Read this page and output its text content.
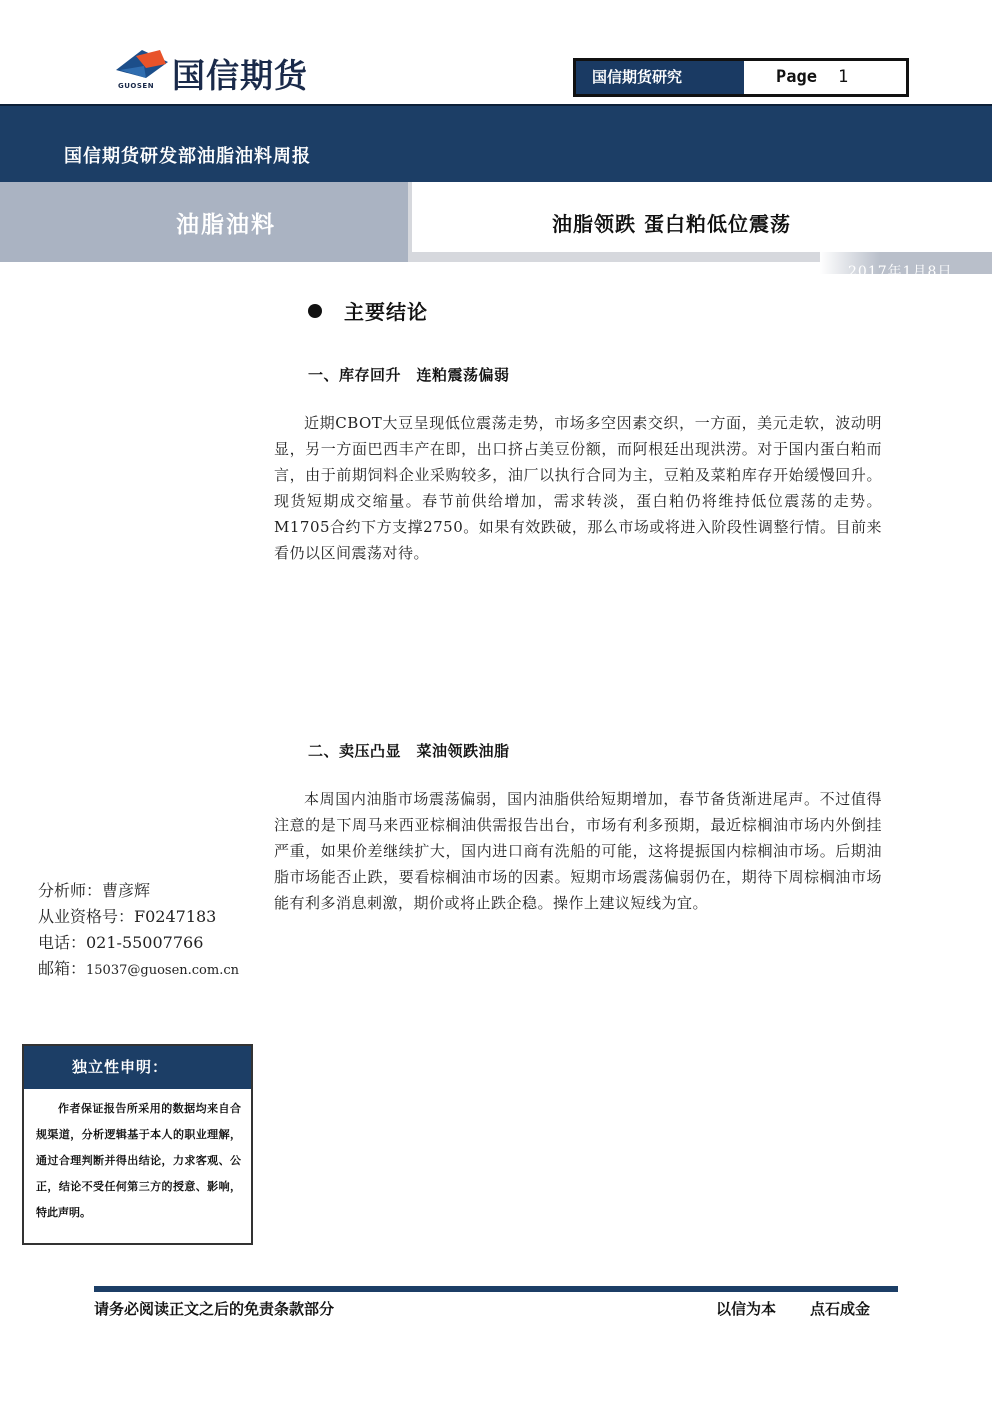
国信期货
GUOSEN	国信期货研究	Page 1
国信期货研发部油脂油料周报
油脂油料	油脂领跌 蛋白粕低位震荡
2017年1月8日
主要结论
一、库存回升　连粕震荡偏弱
近期CBOT大豆呈现低位震荡走势，市场多空因素交织，一方面，美元走软，波动明显，另一方面巴西丰产在即，出口挤占美豆份额，而阿根廷出现洪涝。对于国内蛋白粕而言，由于前期饲料企业采购较多，油厂以执行合同为主，豆粕及菜粕库存开始缓慢回升。现货短期成交缩量。春节前供给增加，需求转淡，蛋白粕仍将维持低位震荡的走势。M1705合约下方支撑2750。如果有效跌破，那么市场或将进入阶段性调整行情。目前来看仍以区间震荡对待。
二、卖压凸显　菜油领跌油脂
本周国内油脂市场震荡偏弱，国内油脂供给短期增加，春节备货渐进尾声。不过值得注意的是下周马来西亚棕榈油供需报告出台，市场有利多预期，最近棕榈油市场内外倒挂严重，如果价差继续扩大，国内进口商有洗船的可能，这将提振国内棕榈油市场。后期油脂市场能否止跌，要看棕榈油市场的因素。短期市场震荡偏弱仍在，期待下周棕榈油市场能有利多消息刺激，期价或将止跌企稳。操作上建议短线为宜。
分析师：曹彦辉
从业资格号：F0247183
电话：021-55007766
邮箱：15037@guosen.com.cn
独立性申明：
作者保证报告所采用的数据均来自合规渠道，分析逻辑基于本人的职业理解，通过合理判断并得出结论，力求客观、公正，结论不受任何第三方的授意、影响，特此声明。
请务必阅读正文之后的免责条款部分	以信为本 点石成金
